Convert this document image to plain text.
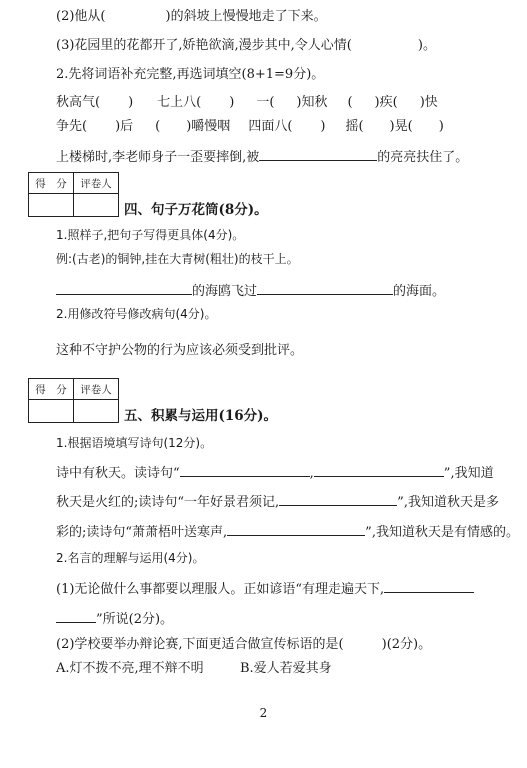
(2)他从(	)的斜坡上慢慢地走了下来。
(3)花园里的花都开了,娇艳欲滴,漫步其中,令人心情(	)。
2.先将词语补充完整,再选词填空(8+1=9分)。
秋高气( ) 七上八( ) 一( )知秋 ( )疾( )快
争先( )后 ( )嚼慢咽 四面八( ) 摇( )晃( )
上楼梯时,李老师身子一歪要摔倒,被	的亮亮扶住了。
得　分	评卷人

四、句子万花筒(8分)。
1.照样子,把句子写得更具体(4分)。
例:(古老)的铜钟,挂在大青树(粗壮)的枝干上。
的海鸥飞过	的海面。
2.用修改符号修改病句(4分)。
这种不守护公物的行为应该必须受到批评。
得　分	评卷人

五、积累与运用(16分)。
1.根据语境填写诗句(12分)。
诗中有秋天。读诗句“	,	”,我知道
秋天是火红的;读诗句“一年好景君须记,	”,我知道秋天是多
彩的;读诗句“萧萧梧叶送寒声,	”,我知道秋天是有情感的。
2.名言的理解与运用(4分)。
(1)无论做什么事都要以理服人。正如谚语“有理走遍天下,
”所说(2分)。
(2)学校要举办辩论赛,下面更适合做宣传标语的是(	)(2分)。
A.灯不拨不亮,理不辩不明	B.爱人若爱其身
2
